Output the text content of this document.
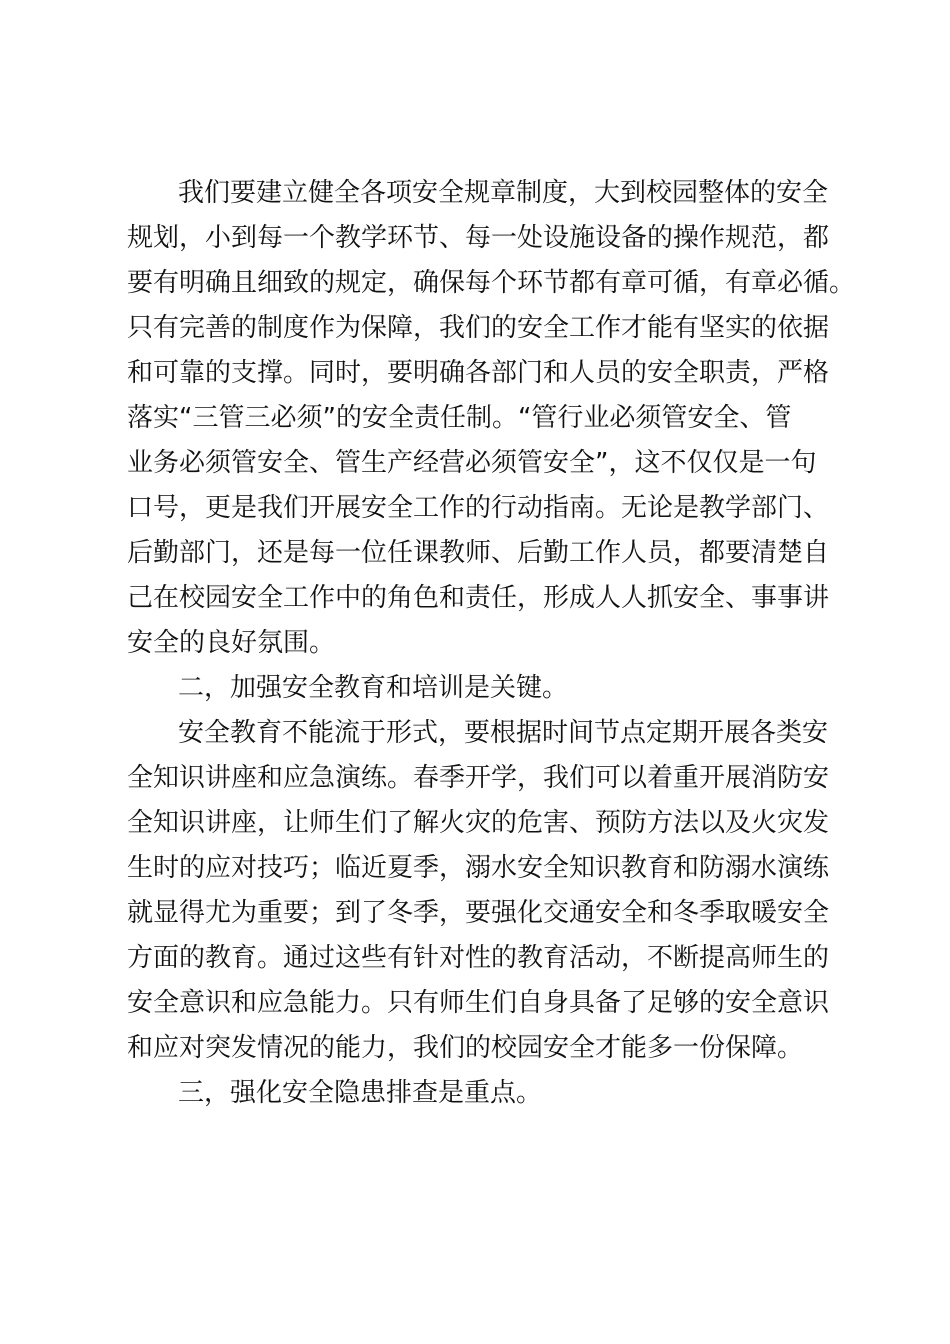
我们要建立健全各项安全规章制度，大到校园整体的安全

规划，小到每一个教学环节、每一处设施设备的操作规范，都

要有明确且细致的规定，确保每个环节都有章可循，有章必循。

只有完善的制度作为保障，我们的安全工作才能有坚实的依据

和可靠的支撑。同时，要明确各部门和人员的安全职责，严格

落实“三管三必须”的安全责任制。“管行业必须管安全、管

业务必须管安全、管生产经营必须管安全”，这不仅仅是一句

口号，更是我们开展安全工作的行动指南。无论是教学部门、

后勤部门，还是每一位任课教师、后勤工作人员，都要清楚自

己在校园安全工作中的角色和责任，形成人人抓安全、事事讲

安全的良好氛围。

二，加强安全教育和培训是关键。

安全教育不能流于形式，要根据时间节点定期开展各类安

全知识讲座和应急演练。春季开学，我们可以着重开展消防安

全知识讲座，让师生们了解火灾的危害、预防方法以及火灾发

生时的应对技巧；临近夏季，溺水安全知识教育和防溺水演练

就显得尤为重要；到了冬季，要强化交通安全和冬季取暖安全

方面的教育。通过这些有针对性的教育活动，不断提高师生的

安全意识和应急能力。只有师生们自身具备了足够的安全意识

和应对突发情况的能力，我们的校园安全才能多一份保障。

三，强化安全隐患排查是重点。
